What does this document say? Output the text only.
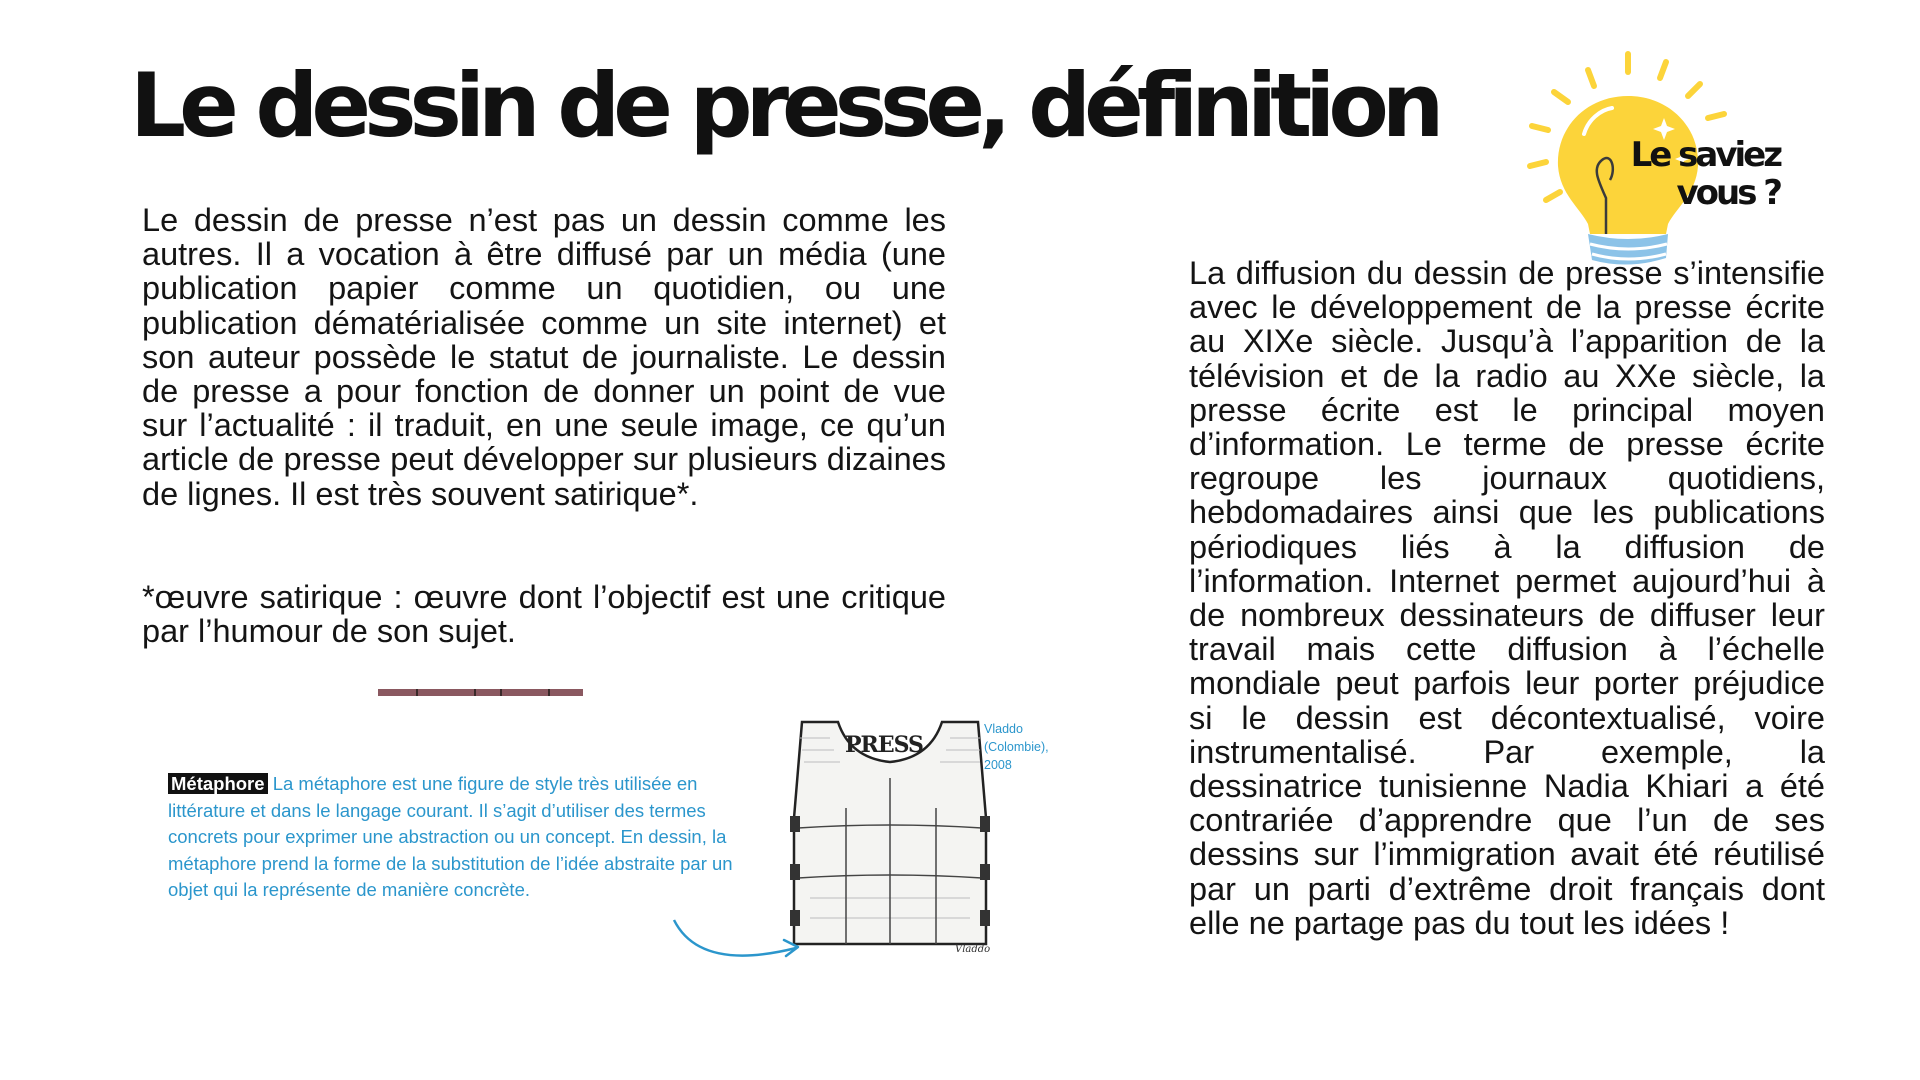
Le dessin de presse, définition

Le dessin de presse n’est pas un dessin comme les autres. Il a vocation à être diffusé par un média (une publication papier comme un quotidien, ou une publication dématérialisée comme un site internet) et son auteur possède le statut de journaliste. Le dessin de presse a pour fonction de donner un point de vue sur l’actualité : il traduit, en une seule image, ce qu’un article de presse peut développer sur plusieurs dizaines de lignes. Il est très souvent satirique*.

*œuvre satirique : œuvre dont l’objectif est une critique par l’humour de son sujet.

Le saviez
vous ?

La diffusion du dessin de presse s’intensifie avec le développement de la presse écrite au XIXe siècle. Jusqu’à l’apparition de la télévision et de la radio au XXe siècle, la presse écrite est le principal moyen d’information. Le terme de presse écrite regroupe les journaux quotidiens, hebdomadaires ainsi que les publications périodiques liés à la diffusion de l’information. Internet permet aujourd’hui à de nombreux dessinateurs de diffuser leur travail mais cette diffusion à l’échelle mondiale peut parfois leur porter préjudice si le dessin est décontextualisé, voire instrumentalisé. Par exemple, la dessinatrice tunisienne Nadia Khiari a été contrariée d’apprendre que l’un de ses dessins sur l’immigration avait été réutilisé par un parti d’extrême droit français dont elle ne partage pas du tout les idées !

Métaphore La métaphore est une figure de style très utilisée en littérature et dans le langage courant. Il s’agit d’utiliser des termes concrets pour exprimer une abstraction ou un concept. En dessin, la métaphore prend la forme de la substitution de l’idée abstraite par un objet qui la représente de manière concrète.

PRESS
Vladdo

Vladdo
(Colombie),
2008
